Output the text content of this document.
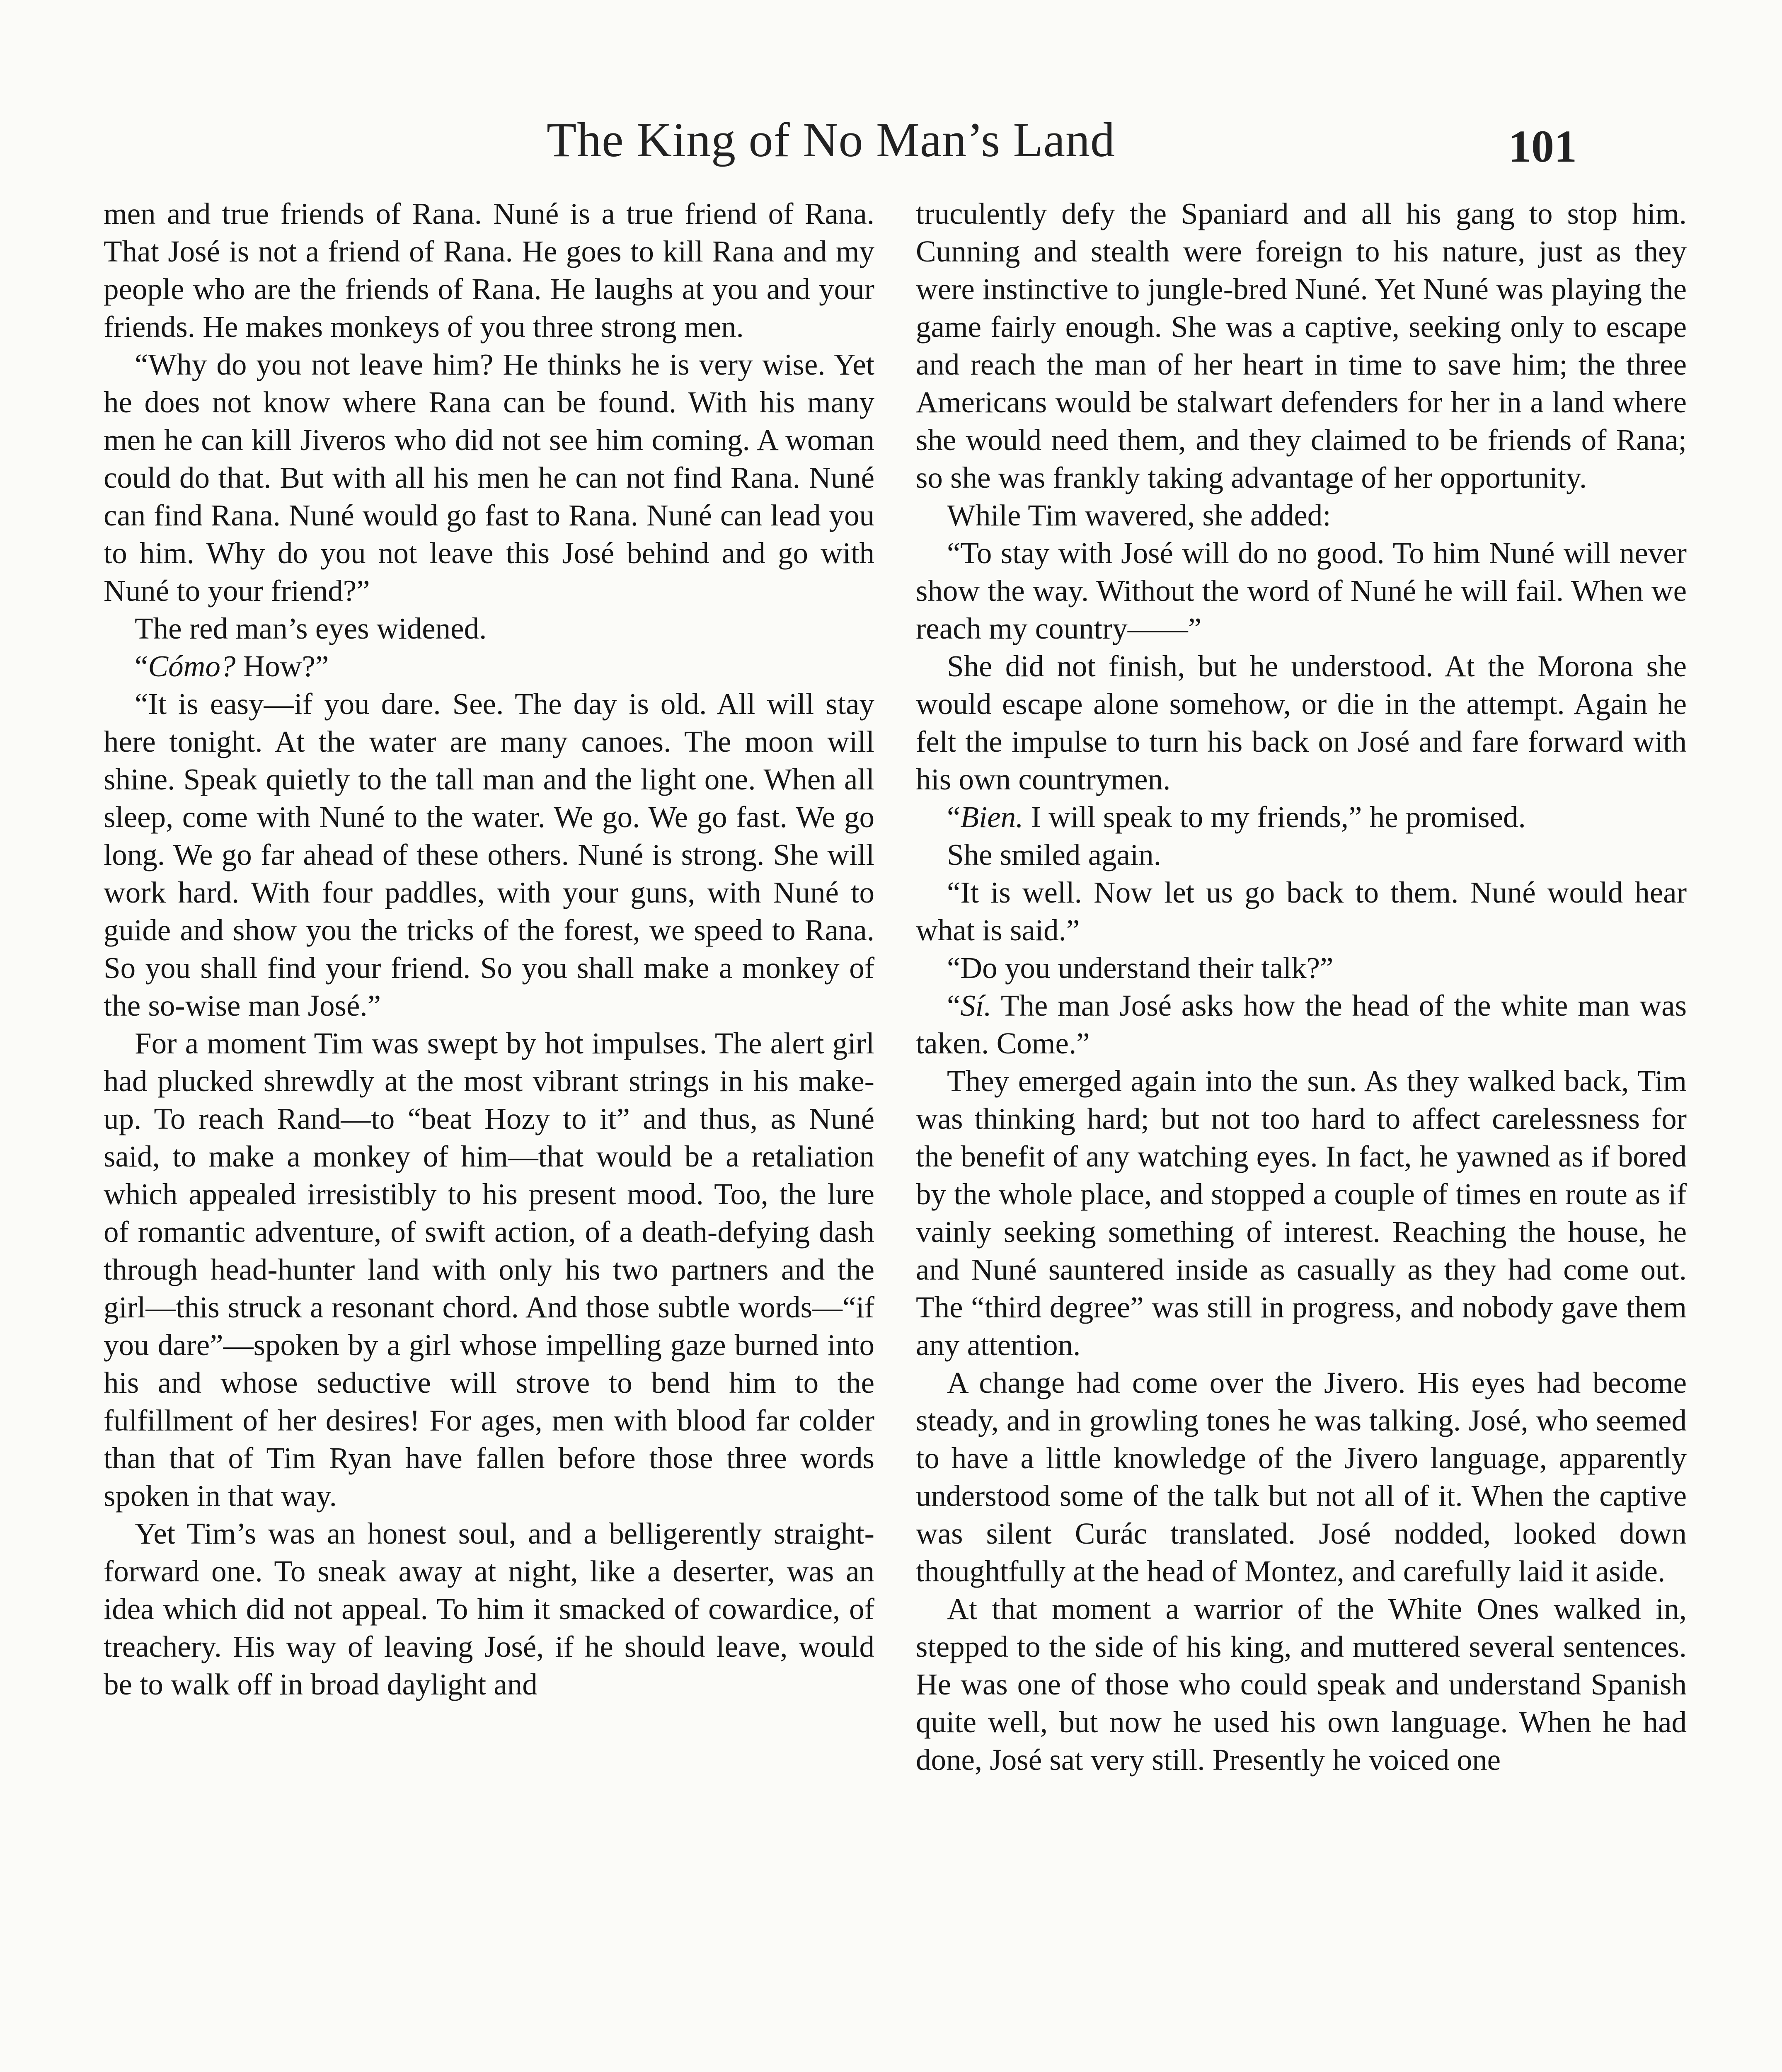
The King of No Man’s Land	101

men and true friends of Rana. Nuné is a true friend of Rana. That José is not a friend of Rana. He goes to kill Rana and my people who are the friends of Rana. He laughs at you and your friends. He makes monkeys of you three strong men.

“Why do you not leave him? He thinks he is very wise. Yet he does not know where Rana can be found. With his many men he can kill Jiveros who did not see him coming. A woman could do that. But with all his men he can not find Rana. Nuné can find Rana. Nuné would go fast to Rana. Nuné can lead you to him. Why do you not leave this José behind and go with Nuné to your friend?”

The red man’s eyes widened.

“Cómo? How?”

“It is easy—if you dare. See. The day is old. All will stay here tonight. At the water are many canoes. The moon will shine. Speak quietly to the tall man and the light one. When all sleep, come with Nuné to the water. We go. We go fast. We go long. We go far ahead of these others. Nuné is strong. She will work hard. With four paddles, with your guns, with Nuné to guide and show you the tricks of the forest, we speed to Rana. So you shall find your friend. So you shall make a monkey of the so-wise man José.”

For a moment Tim was swept by hot impulses. The alert girl had plucked shrewdly at the most vibrant strings in his make-up. To reach Rand—to “beat Hozy to it” and thus, as Nuné said, to make a monkey of him—that would be a retaliation which appealed irresistibly to his present mood. Too, the lure of romantic adventure, of swift action, of a death-defying dash through head-hunter land with only his two partners and the girl—this struck a resonant chord. And those subtle words—“if you dare”—spoken by a girl whose impelling gaze burned into his and whose seductive will strove to bend him to the fulfillment of her desires! For ages, men with blood far colder than that of Tim Ryan have fallen before those three words spoken in that way.

Yet Tim’s was an honest soul, and a belligerently straight-forward one. To sneak away at night, like a deserter, was an idea which did not appeal. To him it smacked of cowardice, of treachery. His way of leaving José, if he should leave, would be to walk off in broad daylight and

truculently defy the Spaniard and all his gang to stop him. Cunning and stealth were foreign to his nature, just as they were instinctive to jungle-bred Nuné. Yet Nuné was playing the game fairly enough. She was a captive, seeking only to escape and reach the man of her heart in time to save him; the three Americans would be stalwart defenders for her in a land where she would need them, and they claimed to be friends of Rana; so she was frankly taking advantage of her opportunity.

While Tim wavered, she added:

“To stay with José will do no good. To him Nuné will never show the way. Without the word of Nuné he will fail. When we reach my country——”

She did not finish, but he understood. At the Morona she would escape alone somehow, or die in the attempt. Again he felt the impulse to turn his back on José and fare forward with his own countrymen.

“Bien. I will speak to my friends,” he promised.

She smiled again.

“It is well. Now let us go back to them. Nuné would hear what is said.”

“Do you understand their talk?”

“Sí. The man José asks how the head of the white man was taken. Come.”

They emerged again into the sun. As they walked back, Tim was thinking hard; but not too hard to affect carelessness for the benefit of any watching eyes. In fact, he yawned as if bored by the whole place, and stopped a couple of times en route as if vainly seeking something of interest. Reaching the house, he and Nuné sauntered inside as casually as they had come out. The “third degree” was still in progress, and nobody gave them any attention.

A change had come over the Jivero. His eyes had become steady, and in growling tones he was talking. José, who seemed to have a little knowledge of the Jivero language, apparently understood some of the talk but not all of it. When the captive was silent Curác translated. José nodded, looked down thoughtfully at the head of Montez, and carefully laid it aside.

At that moment a warrior of the White Ones walked in, stepped to the side of his king, and muttered several sentences. He was one of those who could speak and understand Spanish quite well, but now he used his own language. When he had done, José sat very still. Presently he voiced one
